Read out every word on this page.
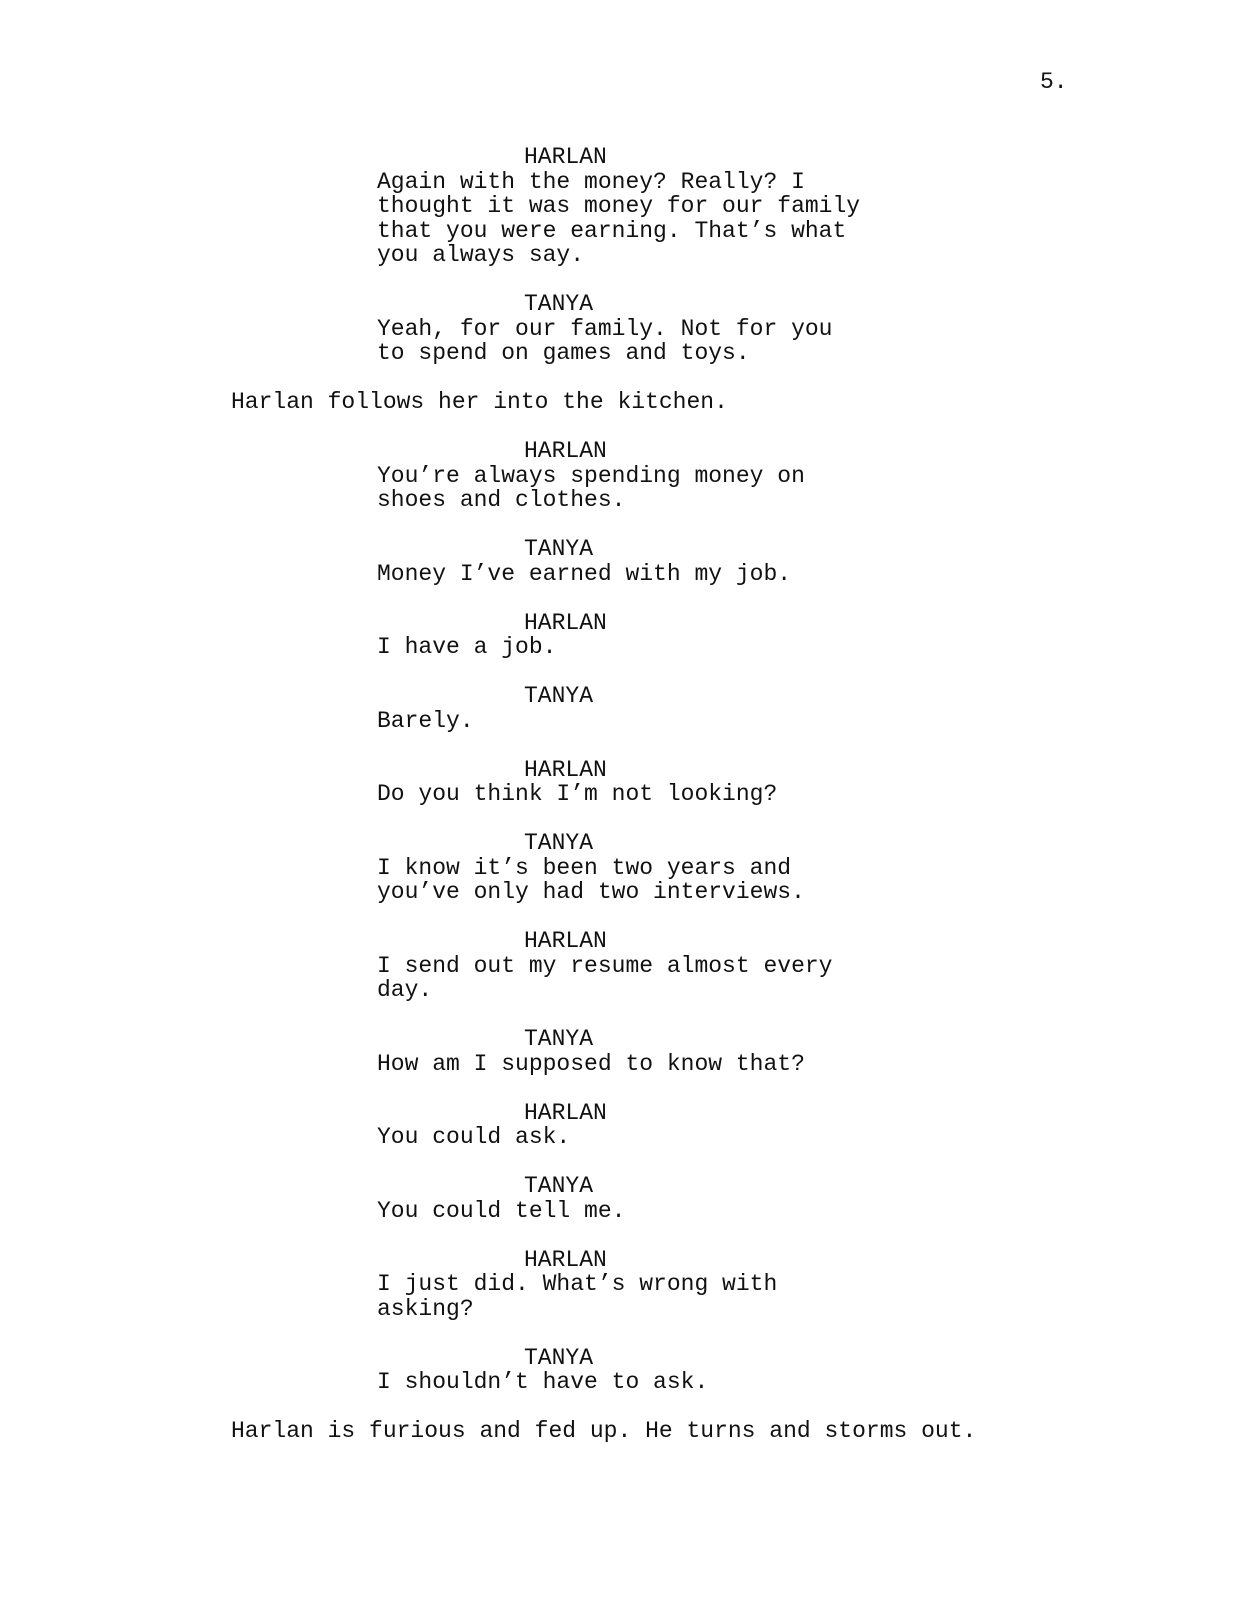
5.
HARLAN
Again with the money? Really? I
thought it was money for our family
that you were earning. That’s what
you always say.
TANYA
Yeah, for our family. Not for you
to spend on games and toys.
Harlan follows her into the kitchen.
HARLAN
You’re always spending money on
shoes and clothes.
TANYA
Money I’ve earned with my job.
HARLAN
I have a job.
TANYA
Barely.
HARLAN
Do you think I’m not looking?
TANYA
I know it’s been two years and
you’ve only had two interviews.
HARLAN
I send out my resume almost every
day.
TANYA
How am I supposed to know that?
HARLAN
You could ask.
TANYA
You could tell me.
HARLAN
I just did. What’s wrong with
asking?
TANYA
I shouldn’t have to ask.
Harlan is furious and fed up. He turns and storms out.
